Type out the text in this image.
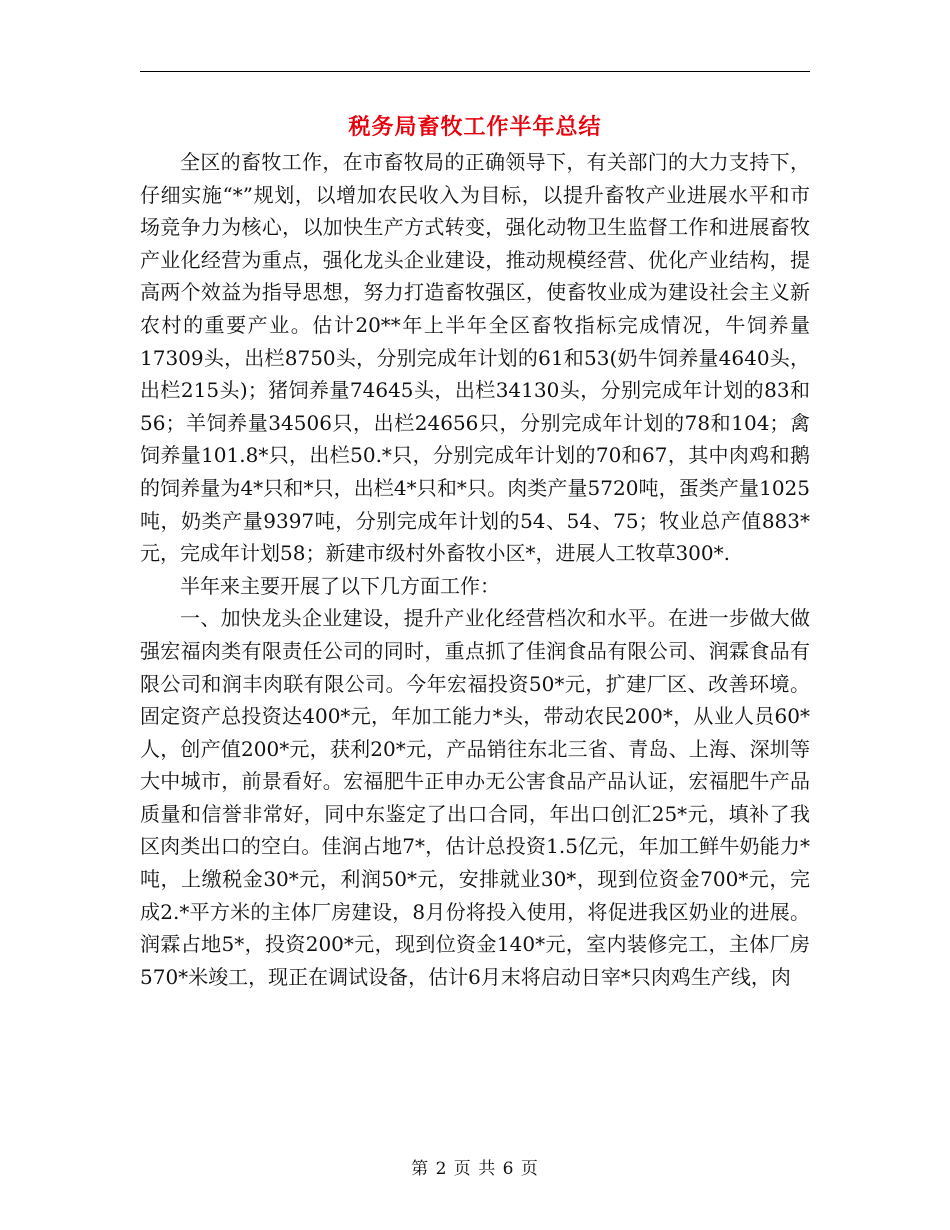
税务局畜牧工作半年总结

全区的畜牧工作，在市畜牧局的正确领导下，有关部门的大力支持下，仔细实施“*”规划，以增加农民收入为目标，以提升畜牧产业进展水平和市场竞争力为核心，以加快生产方式转变，强化动物卫生监督工作和进展畜牧产业化经营为重点，强化龙头企业建设，推动规模经营、优化产业结构，提高两个效益为指导思想，努力打造畜牧强区，使畜牧业成为建设社会主义新农村的重要产业。估计20**年上半年全区畜牧指标完成情况，牛饲养量17309头，出栏8750头，分别完成年计划的61和53(奶牛饲养量4640头，出栏215头)；猪饲养量74645头，出栏34130头，分别完成年计划的83和56；羊饲养量34506只，出栏24656只，分别完成年计划的78和104；禽饲养量101.8*只，出栏50.*只，分别完成年计划的70和67，其中肉鸡和鹅的饲养量为4*只和*只，出栏4*只和*只。肉类产量5720吨，蛋类产量1025吨，奶类产量9397吨，分别完成年计划的54、54、75；牧业总产值883*元，完成年计划58；新建市级村外畜牧小区*，进展人工牧草300*.

半年来主要开展了以下几方面工作：

一、加快龙头企业建设，提升产业化经营档次和水平。在进一步做大做强宏福肉类有限责任公司的同时，重点抓了佳润食品有限公司、润霖食品有限公司和润丰肉联有限公司。今年宏福投资50*元，扩建厂区、改善环境。固定资产总投资达400*元，年加工能力*头，带动农民200*，从业人员60*人，创产值200*元，获利20*元，产品销往东北三省、青岛、上海、深圳等大中城市，前景看好。宏福肥牛正申办无公害食品产品认证，宏福肥牛产品质量和信誉非常好，同中东鉴定了出口合同，年出口创汇25*元，填补了我区肉类出口的空白。佳润占地7*，估计总投资1.5亿元，年加工鲜牛奶能力*吨，上缴税金30*元，利润50*元，安排就业30*，现到位资金700*元，完成2.*平方米的主体厂房建设，8月份将投入使用，将促进我区奶业的进展。润霖占地5*，投资200*元，现到位资金140*元，室内装修完工，主体厂房570*米竣工，现正在调试设备，估计6月末将启动日宰*只肉鸡生产线，肉

第 2 页 共 6 页
